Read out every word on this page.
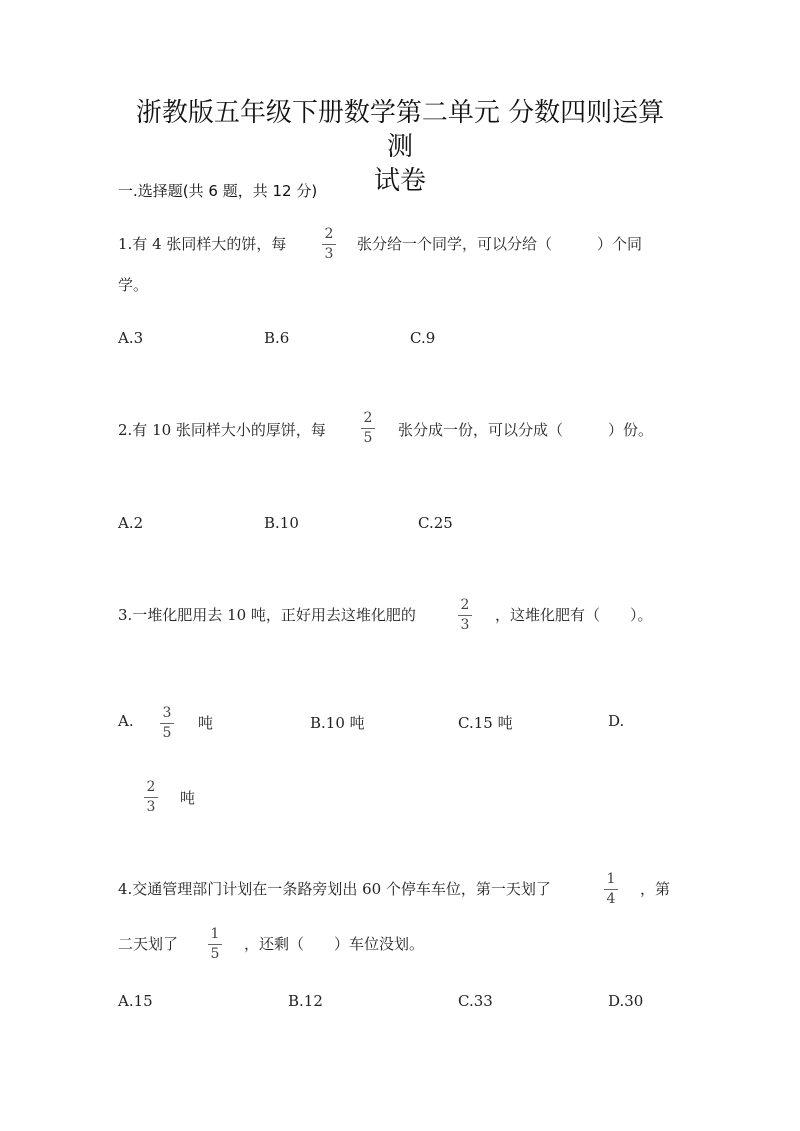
浙教版五年级下册数学第二单元 分数四则运算 测
试卷
一.选择题(共 6 题，共 12 分)
1.有 4 张同样大的饼，每
2
3
张分给一个同学，可以分给（　　　）个同
学。
A.3	B.6	C.9
2.有 10 张同样大小的厚饼，每
2
5	张分成一份，可以分成（　　　）份。
A.2	B.10	C.25
3.一堆化肥用去 10 吨，正好用去这堆化肥的
2
3
，这堆化肥有（　　）。
A.	3
5
吨	B.10 吨	C.15 吨	D.
2
3	吨
4.交通管理部门计划在一条路旁划出 60 个停车车位，第一天划了
1
4
，第
二天划了
1
5
，还剩（　　）车位没划。
A.15	B.12	C.33	D.30
